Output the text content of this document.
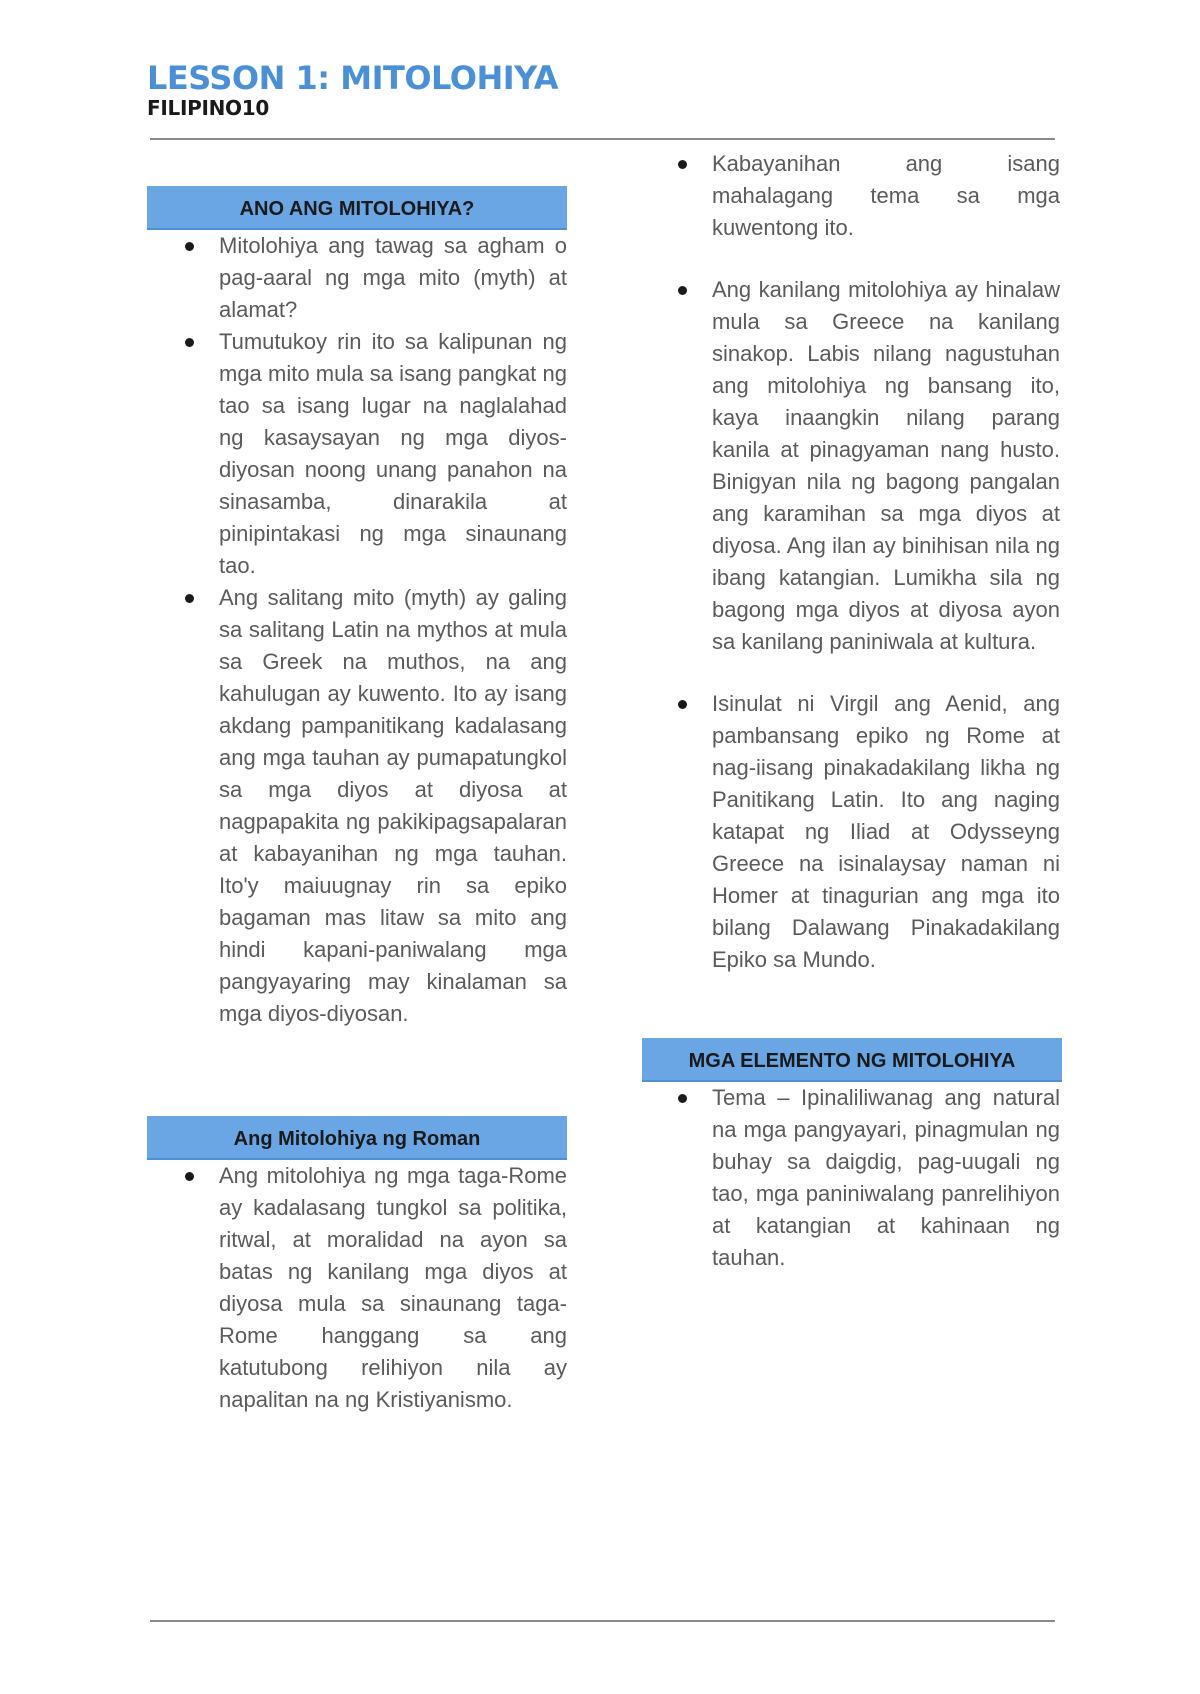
LESSON 1: MITOLOHIYA
FILIPINO10
ANO ANG MITOLOHIYA?
Mitolohiya ang tawag sa agham o pag-aaral ng mga mito (myth) at alamat?
Tumutukoy rin ito sa kalipunan ng mga mito mula sa isang pangkat ng tao sa isang lugar na naglalahad ng kasaysayan ng mga diyos-diyosan noong unang panahon na sinasamba, dinarakila at pinipintakasi ng mga sinaunang tao.
Ang salitang mito (myth) ay galing sa salitang Latin na mythos at mula sa Greek na muthos, na ang kahulugan ay kuwento. Ito ay isang akdang pampanitikang kadalasang ang mga tauhan ay pumapatungkol sa mga diyos at diyosa at nagpapakita ng pakikipagsapalaran at kabayanihan ng mga tauhan. Ito'y maiuugnay rin sa epiko bagaman mas litaw sa mito ang hindi kapani-paniwalang mga pangyayaring may kinalaman sa mga diyos-diyosan.
Ang Mitolohiya ng Roman
Ang mitolohiya ng mga taga-Rome ay kadalasang tungkol sa politika, ritwal, at moralidad na ayon sa batas ng kanilang mga diyos at diyosa mula sa sinaunang taga-Rome hanggang sa ang katutubong relihiyon nila ay napalitan na ng Kristiyanismo.
Kabayanihan ang isang mahalagang tema sa mga kuwentong ito.
Ang kanilang mitolohiya ay hinalaw mula sa Greece na kanilang sinakop. Labis nilang nagustuhan ang mitolohiya ng bansang ito, kaya inaangkin nilang parang kanila at pinagyaman nang husto. Binigyan nila ng bagong pangalan ang karamihan sa mga diyos at diyosa. Ang ilan ay binihisan nila ng ibang katangian. Lumikha sila ng bagong mga diyos at diyosa ayon sa kanilang paniniwala at kultura.
Isinulat ni Virgil ang Aenid, ang pambansang epiko ng Rome at nag-iisang pinakadakilang likha ng Panitikang Latin. Ito ang naging katapat ng Iliad at Odysseyng Greece na isinalaysay naman ni Homer at tinagurian ang mga ito bilang Dalawang Pinakadakilang Epiko sa Mundo.
MGA ELEMENTO NG MITOLOHIYA
Tema – Ipinaliliwanag ang natural na mga pangyayari, pinagmulan ng buhay sa daigdig, pag-uugali ng tao, mga paniniwalang panrelihiyon at katangian at kahinaan ng tauhan.
